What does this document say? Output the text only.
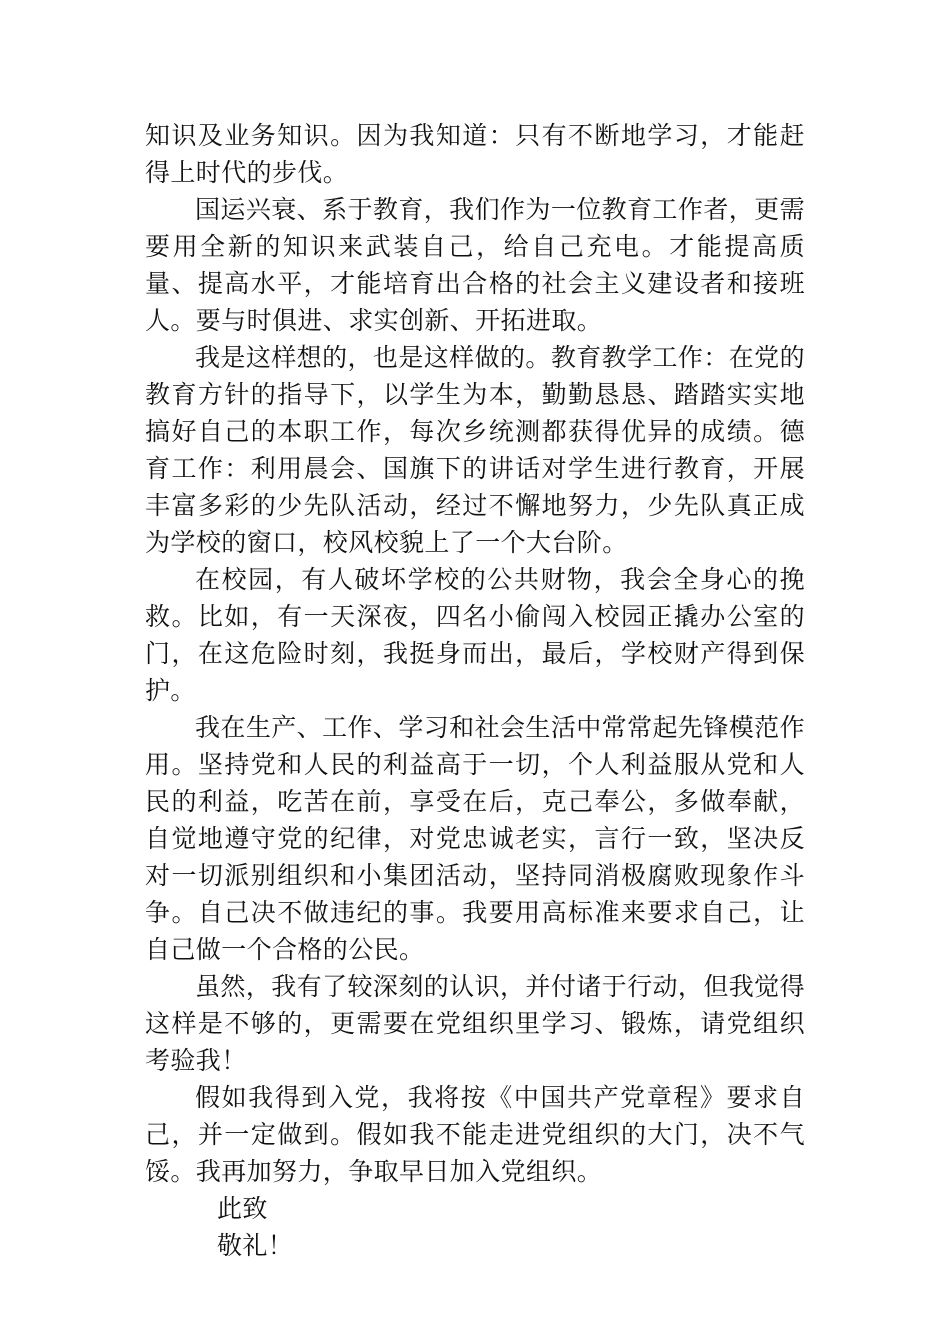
知识及业务知识。因为我知道：只有不断地学习，才能赶得上时代的步伐。

国运兴衰、系于教育，我们作为一位教育工作者，更需要用全新的知识来武装自己，给自己充电。才能提高质量、提高水平，才能培育出合格的社会主义建设者和接班人。要与时俱进、求实创新、开拓进取。

我是这样想的，也是这样做的。教育教学工作：在党的教育方针的指导下，以学生为本，勤勤恳恳、踏踏实实地搞好自己的本职工作，每次乡统测都获得优异的成绩。德育工作：利用晨会、国旗下的讲话对学生进行教育，开展丰富多彩的少先队活动，经过不懈地努力，少先队真正成为学校的窗口，校风校貌上了一个大台阶。

在校园，有人破坏学校的公共财物，我会全身心的挽救。比如，有一天深夜，四名小偷闯入校园正撬办公室的门，在这危险时刻，我挺身而出，最后，学校财产得到保护。

我在生产、工作、学习和社会生活中常常起先锋模范作用。坚持党和人民的利益高于一切，个人利益服从党和人民的利益，吃苦在前，享受在后，克己奉公，多做奉献，自觉地遵守党的纪律，对党忠诚老实，言行一致，坚决反对一切派别组织和小集团活动，坚持同消极腐败现象作斗争。自己决不做违纪的事。我要用高标准来要求自己，让自己做一个合格的公民。

虽然，我有了较深刻的认识，并付诸于行动，但我觉得这样是不够的，更需要在党组织里学习、锻炼，请党组织考验我！

假如我得到入党，我将按《中国共产党章程》要求自己，并一定做到。假如我不能走进党组织的大门，决不气馁。我再加努力，争取早日加入党组织。

此致

敬礼！
